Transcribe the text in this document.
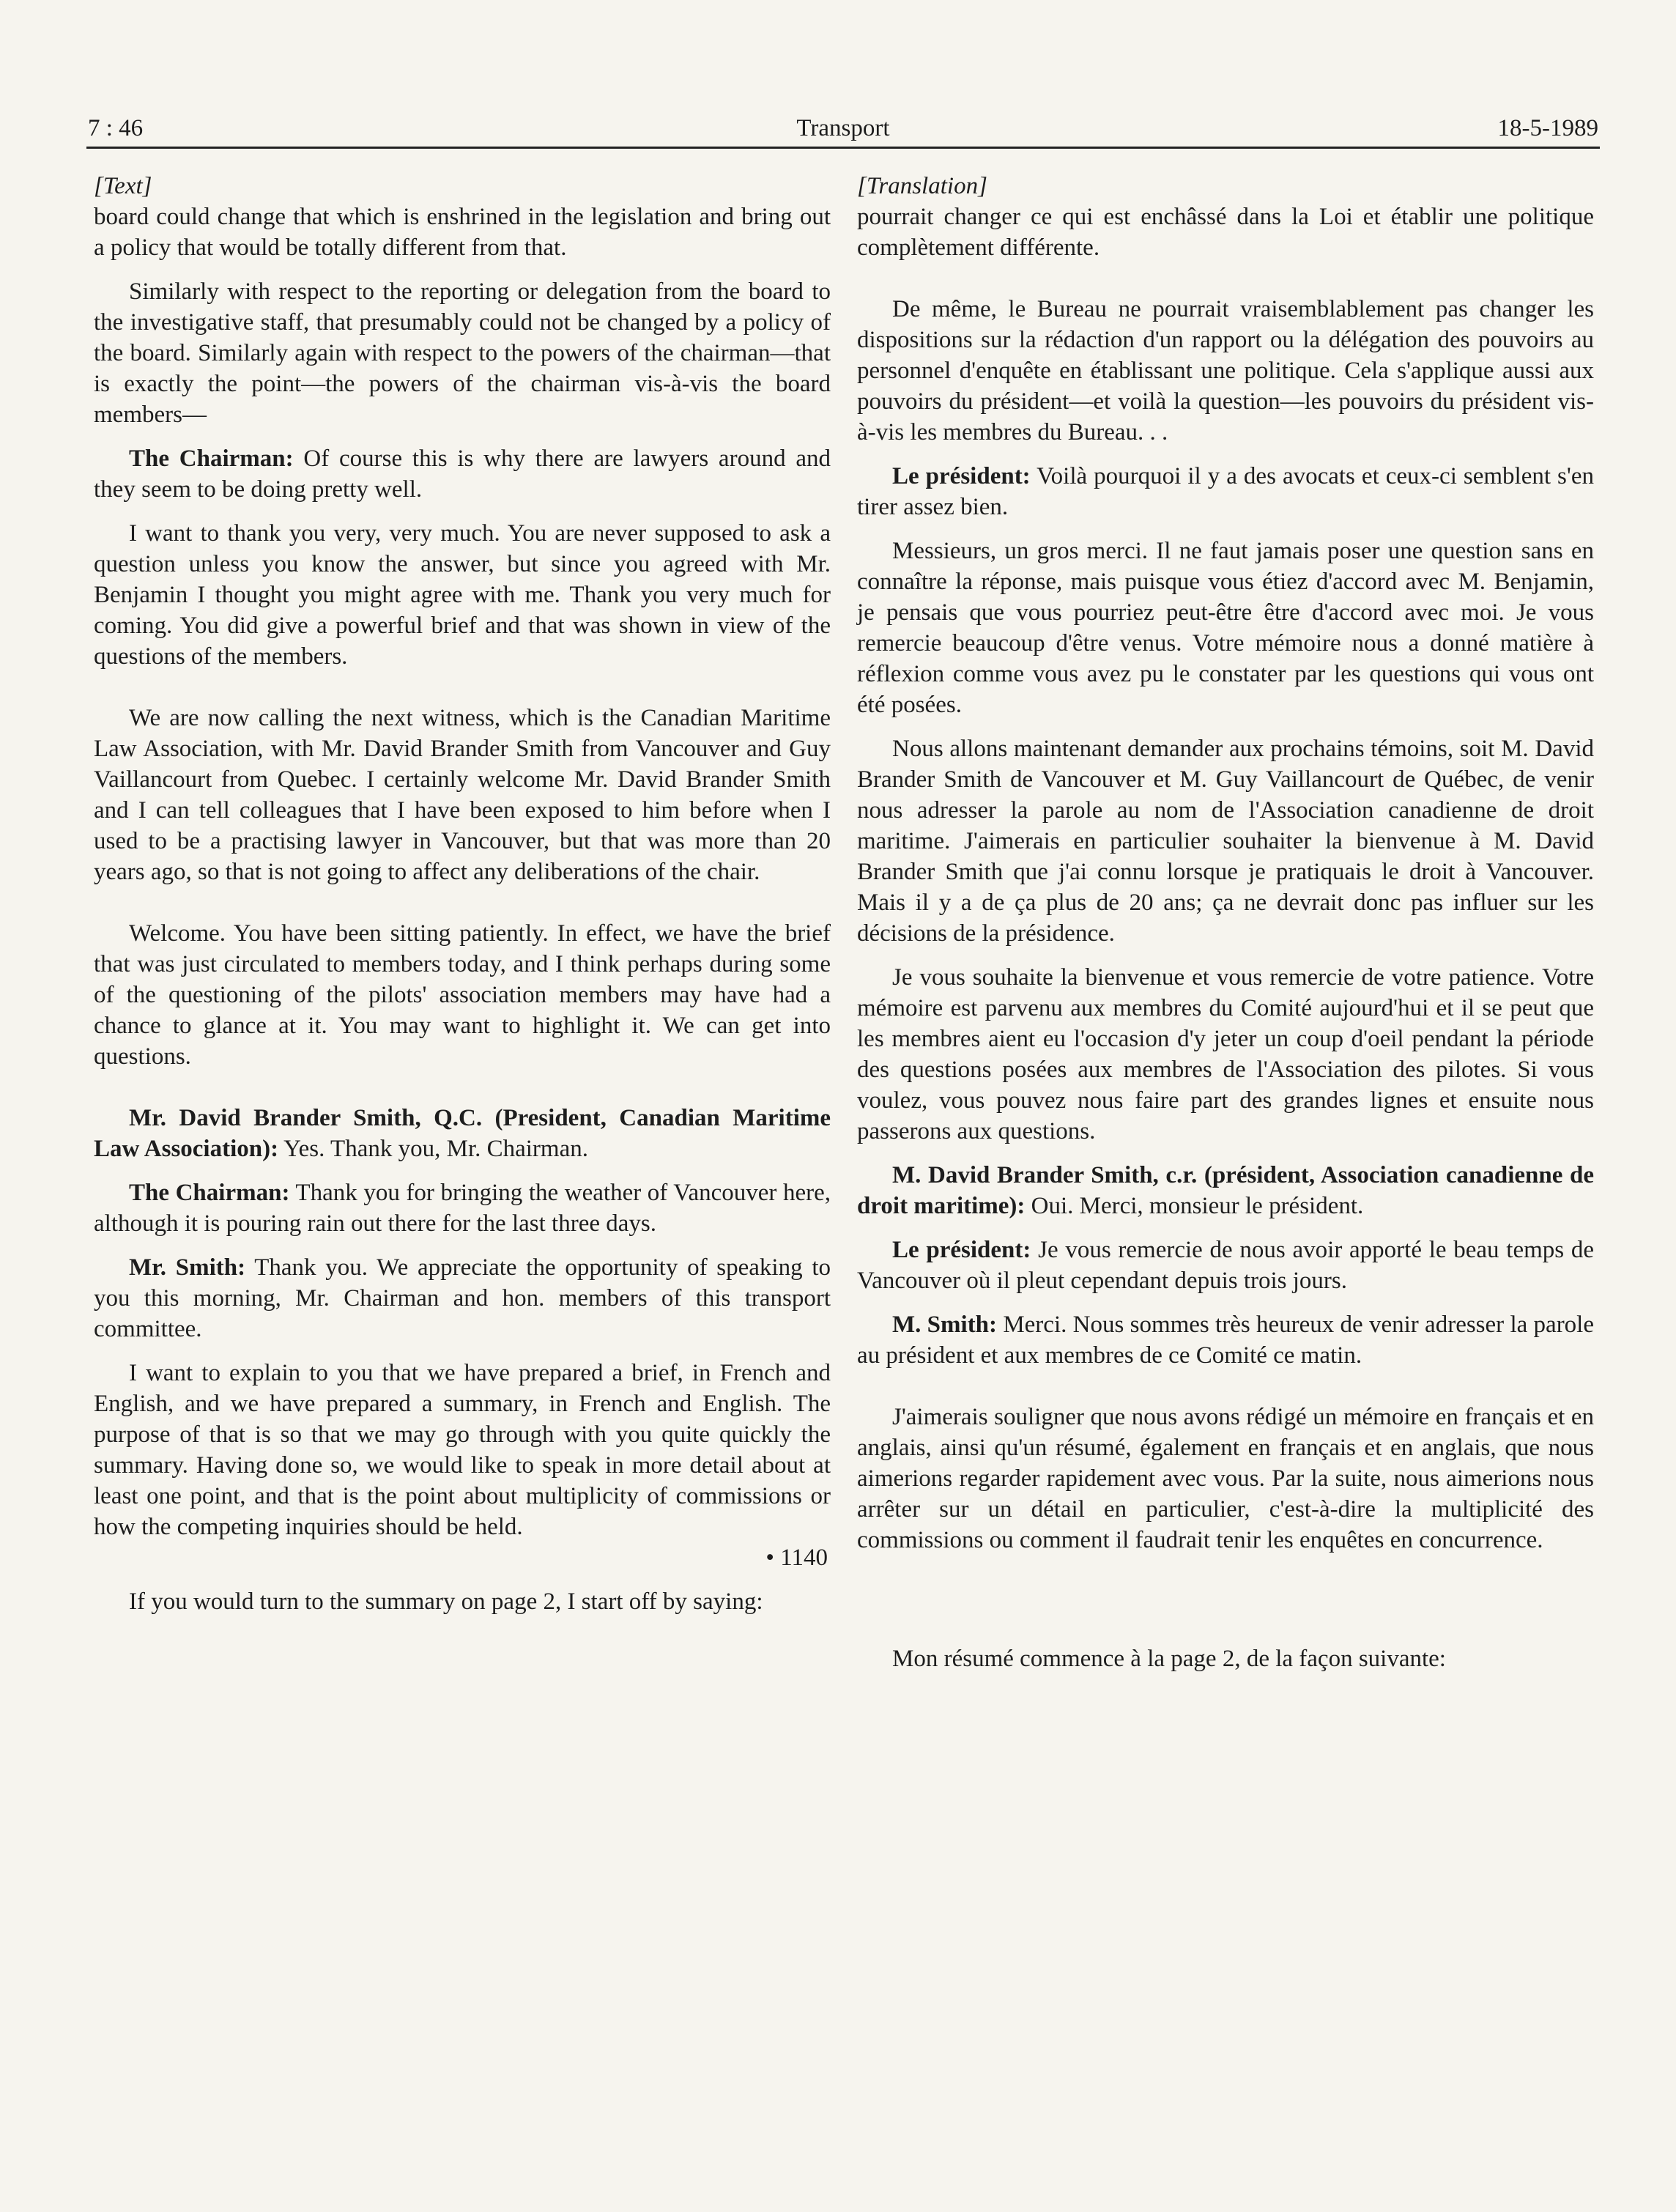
7 : 46	Transport	18-5-1989

[Text]

board could change that which is enshrined in the legislation and bring out a policy that would be totally different from that.

Similarly with respect to the reporting or delegation from the board to the investigative staff, that presumably could not be changed by a policy of the board. Similarly again with respect to the powers of the chairman—that is exactly the point—the powers of the chairman vis-à-vis the board members—

The Chairman: Of course this is why there are lawyers around and they seem to be doing pretty well.

I want to thank you very, very much. You are never supposed to ask a question unless you know the answer, but since you agreed with Mr. Benjamin I thought you might agree with me. Thank you very much for coming. You did give a powerful brief and that was shown in view of the questions of the members.

We are now calling the next witness, which is the Canadian Maritime Law Association, with Mr. David Brander Smith from Vancouver and Guy Vaillancourt from Quebec. I certainly welcome Mr. David Brander Smith and I can tell colleagues that I have been exposed to him before when I used to be a practising lawyer in Vancouver, but that was more than 20 years ago, so that is not going to affect any deliberations of the chair.

Welcome. You have been sitting patiently. In effect, we have the brief that was just circulated to members today, and I think perhaps during some of the questioning of the pilots' association members may have had a chance to glance at it. You may want to highlight it. We can get into questions.

Mr. David Brander Smith, Q.C. (President, Canadian Maritime Law Association): Yes. Thank you, Mr. Chairman.

The Chairman: Thank you for bringing the weather of Vancouver here, although it is pouring rain out there for the last three days.

Mr. Smith: Thank you. We appreciate the opportunity of speaking to you this morning, Mr. Chairman and hon. members of this transport committee.

I want to explain to you that we have prepared a brief, in French and English, and we have prepared a summary, in French and English. The purpose of that is so that we may go through with you quite quickly the summary. Having done so, we would like to speak in more detail about at least one point, and that is the point about multiplicity of commissions or how the competing inquiries should be held.

• 1140

If you would turn to the summary on page 2, I start off by saying:

[Translation]

pourrait changer ce qui est enchâssé dans la Loi et établir une politique complètement différente.

De même, le Bureau ne pourrait vraisemblablement pas changer les dispositions sur la rédaction d'un rapport ou la délégation des pouvoirs au personnel d'enquête en établissant une politique. Cela s'applique aussi aux pouvoirs du président—et voilà la question—les pouvoirs du président vis-à-vis les membres du Bureau. . .

Le président: Voilà pourquoi il y a des avocats et ceux-ci semblent s'en tirer assez bien.

Messieurs, un gros merci. Il ne faut jamais poser une question sans en connaître la réponse, mais puisque vous étiez d'accord avec M. Benjamin, je pensais que vous pourriez peut-être être d'accord avec moi. Je vous remercie beaucoup d'être venus. Votre mémoire nous a donné matière à réflexion comme vous avez pu le constater par les questions qui vous ont été posées.

Nous allons maintenant demander aux prochains témoins, soit M. David Brander Smith de Vancouver et M. Guy Vaillancourt de Québec, de venir nous adresser la parole au nom de l'Association canadienne de droit maritime. J'aimerais en particulier souhaiter la bienvenue à M. David Brander Smith que j'ai connu lorsque je pratiquais le droit à Vancouver. Mais il y a de ça plus de 20 ans; ça ne devrait donc pas influer sur les décisions de la présidence.

Je vous souhaite la bienvenue et vous remercie de votre patience. Votre mémoire est parvenu aux membres du Comité aujourd'hui et il se peut que les membres aient eu l'occasion d'y jeter un coup d'oeil pendant la période des questions posées aux membres de l'Association des pilotes. Si vous voulez, vous pouvez nous faire part des grandes lignes et ensuite nous passerons aux questions.

M. David Brander Smith, c.r. (président, Association canadienne de droit maritime): Oui. Merci, monsieur le président.

Le président: Je vous remercie de nous avoir apporté le beau temps de Vancouver où il pleut cependant depuis trois jours.

M. Smith: Merci. Nous sommes très heureux de venir adresser la parole au président et aux membres de ce Comité ce matin.

J'aimerais souligner que nous avons rédigé un mémoire en français et en anglais, ainsi qu'un résumé, également en français et en anglais, que nous aimerions regarder rapidement avec vous. Par la suite, nous aimerions nous arrêter sur un détail en particulier, c'est-à-dire la multiplicité des commissions ou comment il faudrait tenir les enquêtes en concurrence.

Mon résumé commence à la page 2, de la façon suivante:
